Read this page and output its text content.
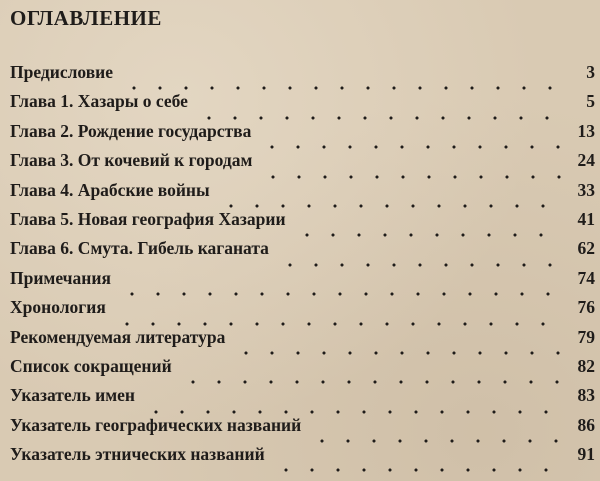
ОГЛАВЛЕНИЕ
Предисловие	3
Глава 1. Хазары о себе	5
Глава 2. Рождение государства	13
Глава 3. От кочевий к городам	24
Глава 4. Арабские войны	33
Глава 5. Новая география Хазарии	41
Глава 6. Смута. Гибель каганата	62
Примечания	74
Хронология	76
Рекомендуемая литература	79
Список сокращений	82
Указатель имен	83
Указатель географических названий	86
Указатель этнических названий	91
